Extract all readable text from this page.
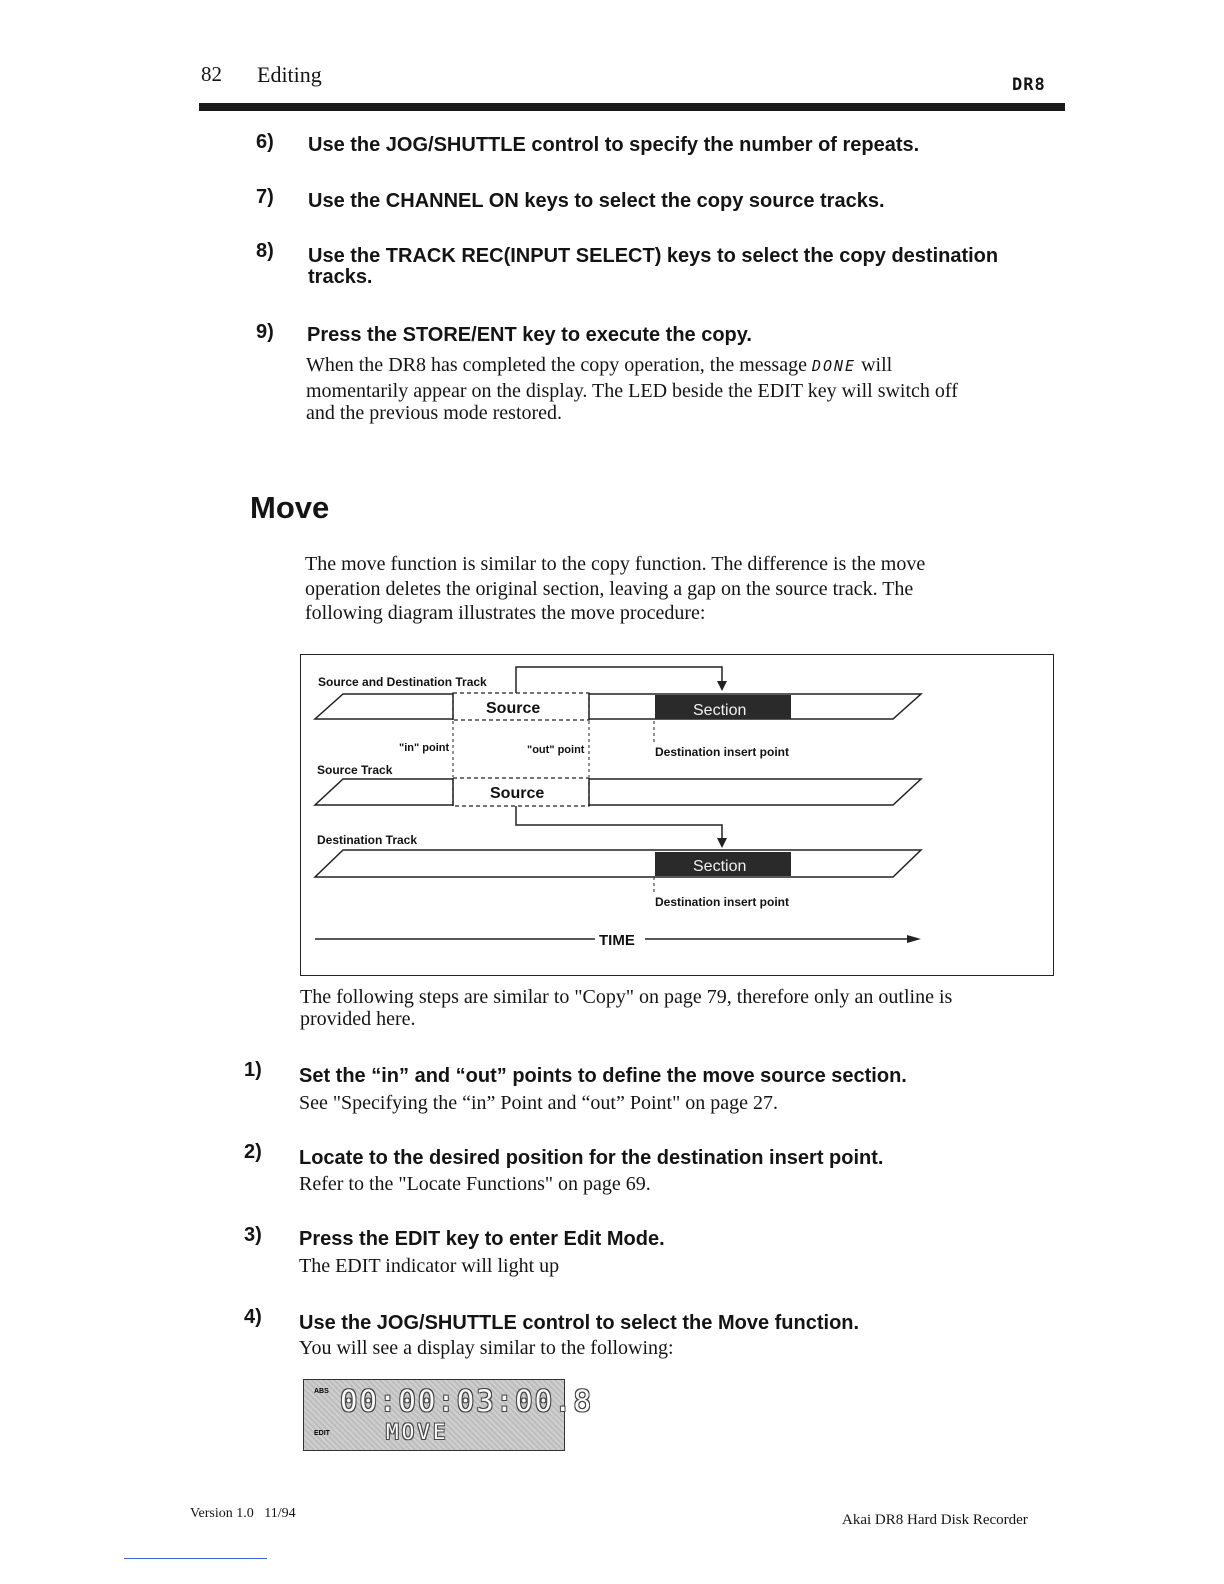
82 Editing	DR8
6) Use the JOG/SHUTTLE control to specify the number of repeats.
7) Use the CHANNEL ON keys to select the copy source tracks.
8) Use the TRACK REC(INPUT SELECT) keys to select the copy destination
tracks.
9) Press the STORE/ENT key to execute the copy.
When the DR8 has completed the copy operation, the message DONE will
momentarily appear on the display. The LED beside the EDIT key will switch off
and the previous mode restored.
Move
The move function is similar to the copy function. The difference is the move
operation deletes the original section, leaving a gap on the source track. The
following diagram illustrates the move procedure:
Source and Destination Track
Source	Section
"in" point	"out" point	Destination insert point
Source Track
Source
Destination Track
Section
Destination insert point
TIME
The following steps are similar to "Copy" on page 79, therefore only an outline is
provided here.
1) Set the “in” and “out” points to define the move source section.
See "Specifying the “in” Point and “out” Point" on page 27.
2) Locate to the desired position for the destination insert point.
Refer to the "Locate Functions" on page 69.
3) Press the EDIT key to enter Edit Mode.
The EDIT indicator will light up
4) Use the JOG/SHUTTLE control to select the Move function.
You will see a display similar to the following:
ABS 00:00:03:00.8
EDIT	MOVE
Version 1.0   11/94	Akai DR8 Hard Disk Recorder
